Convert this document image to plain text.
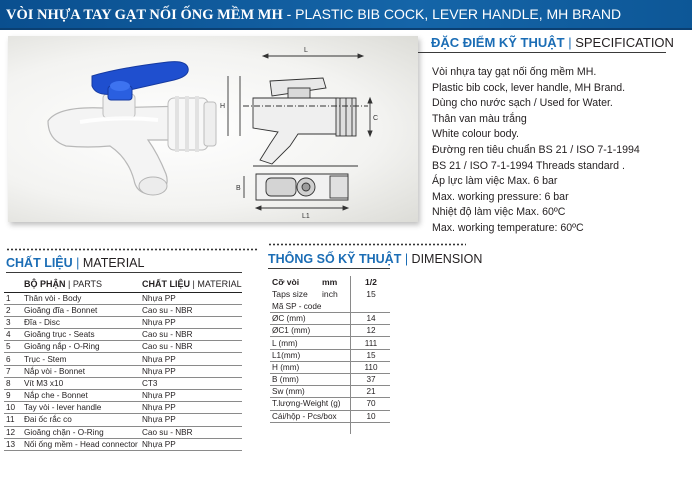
VÒI NHỰA TAY GẠT NỐI ỐNG MỀM MH - PLASTIC BIB COCK, LEVER HANDLE, MH BRAND
L
H
C
L1
B
ĐẶC ĐIỂM KỸ THUẬT | SPECIFICATION
Vòi nhựa tay gạt nối ống mềm MH.
Plastic bib cock, lever handle, MH Brand.
Dùng cho nước sạch / Used for Water.
Thân van màu trắng
White colour body.
Đường ren tiêu chuẩn BS 21 / ISO 7-1-1994
BS 21 / ISO 7-1-1994 Threads standard .
Áp lực làm việc Max. 6 bar
Max. working pressure: 6 bar
Nhiệt độ làm việc Max. 60ºC
Max. working temperature: 60ºC
CHẤT LIỆU | MATERIAL
	BỘ PHẬN | PARTS	CHẤT LIỆU | MATERIAL
1	Thân vòi - Body	Nhựa PP
2	Gioăng đĩa - Bonnet	Cao su - NBR
3	Đĩa - Disc	Nhựa PP
4	Gioăng trục - Seats	Cao su - NBR
5	Gioăng nắp - O-Ring	Cao su - NBR
6	Trục - Stem	Nhựa PP
7	Nắp vòi - Bonnet	Nhựa PP
8	Vít M3 x10	CT3
9	Nắp che - Bonnet	Nhựa PP
10	Tay vòi - lever handle	Nhựa PP
11	Đai ốc rắc co	Nhựa PP
12	Gioăng chặn - O-Ring	Cao su - NBR
13	Nối ống mềm - Head connector	Nhựa PP
THÔNG SỐ KỸ THUẬT | DIMENSION
Cỡ vòi	mm	1/2
Taps size	inch	15
Mã SP - code		
ØC (mm)		14
ØC1 (mm)		12
L (mm)		111
L1(mm)		15
H (mm)		110
B (mm)		37
Sw (mm)		21
T.lượng-Weight (g)		70
Cái/hộp - Pcs/box		10
